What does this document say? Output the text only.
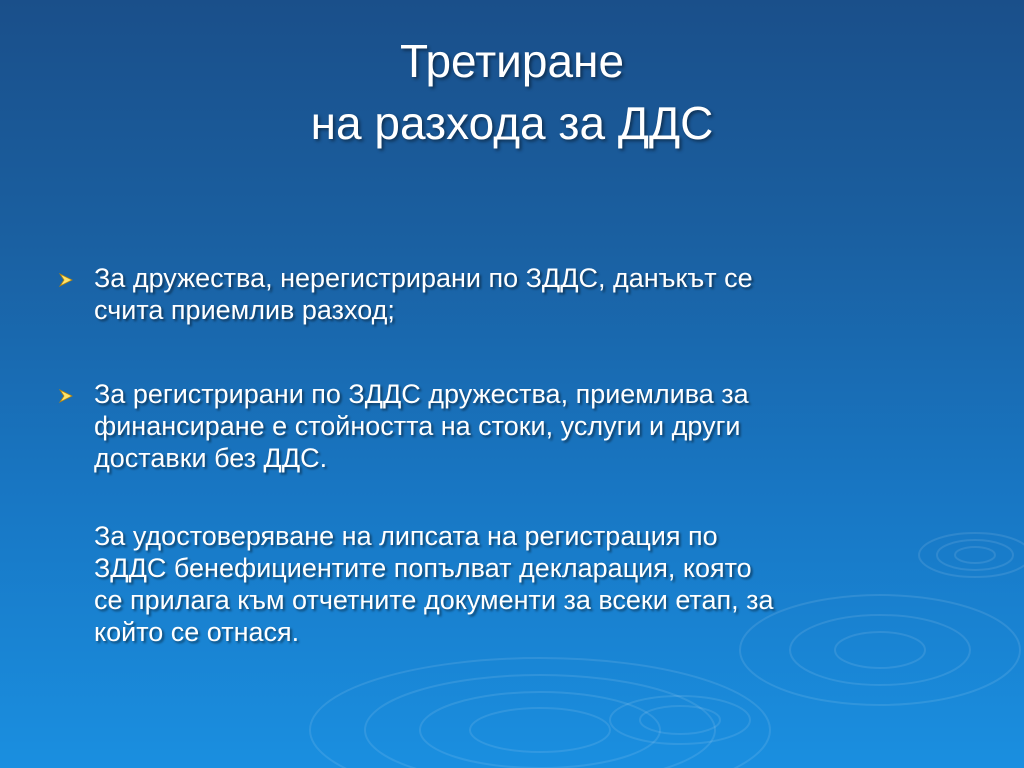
Третиране
на разхода за ДДС
За дружества, нерегистрирани по ЗДДС, данъкът се
счита приемлив разход;
За регистрирани по ЗДДС дружества, приемлива за
финансиране е стойността на стоки, услуги и други
доставки без ДДС.
За удостоверяване на липсата на регистрация по
ЗДДС бенефициентите попълват декларация, която
се прилага към отчетните документи за всеки етап, за
който се отнася.
